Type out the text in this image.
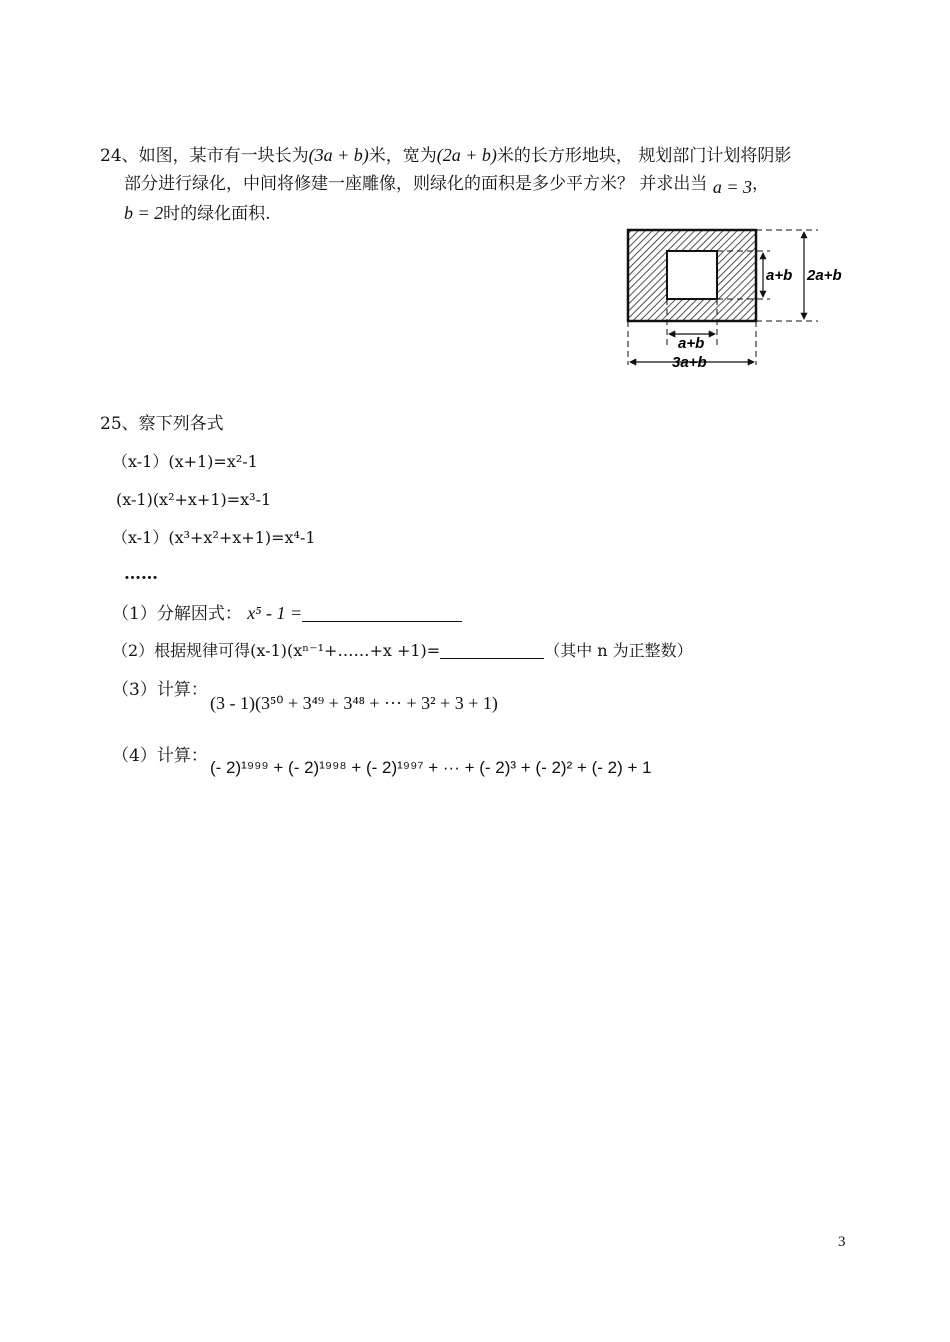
24、如图，某市有一块长为(3a + b)米，宽为(2a + b)米的长方形地块， 规划部门计划将阴影
部分进行绿化，中间将修建一座雕像，则绿化的面积是多少平方米？ 并求出当 a = 3，
b = 2时的绿化面积.
a+b 2a+b
a+b
3a+b
25、察下列各式
（x-1）(x+1)=x²-1
(x-1)(x²+x+1)=x³-1
（x-1）(x³+x²+x+1)=x⁴-1
……
（1）分解因式： x⁵ - 1 =
（2）根据规律可得(x-1)(xⁿ⁻¹+……+x +1)=	（其中 n 为正整数）
（3）计算：
(3 - 1)(3⁵⁰ + 3⁴⁹ + 3⁴⁸ + ··· + 3² + 3 + 1)
（4）计算：
(- 2)¹⁹⁹⁹ + (- 2)¹⁹⁹⁸ + (- 2)¹⁹⁹⁷ + ··· + (- 2)³ + (- 2)² + (- 2) + 1
3
